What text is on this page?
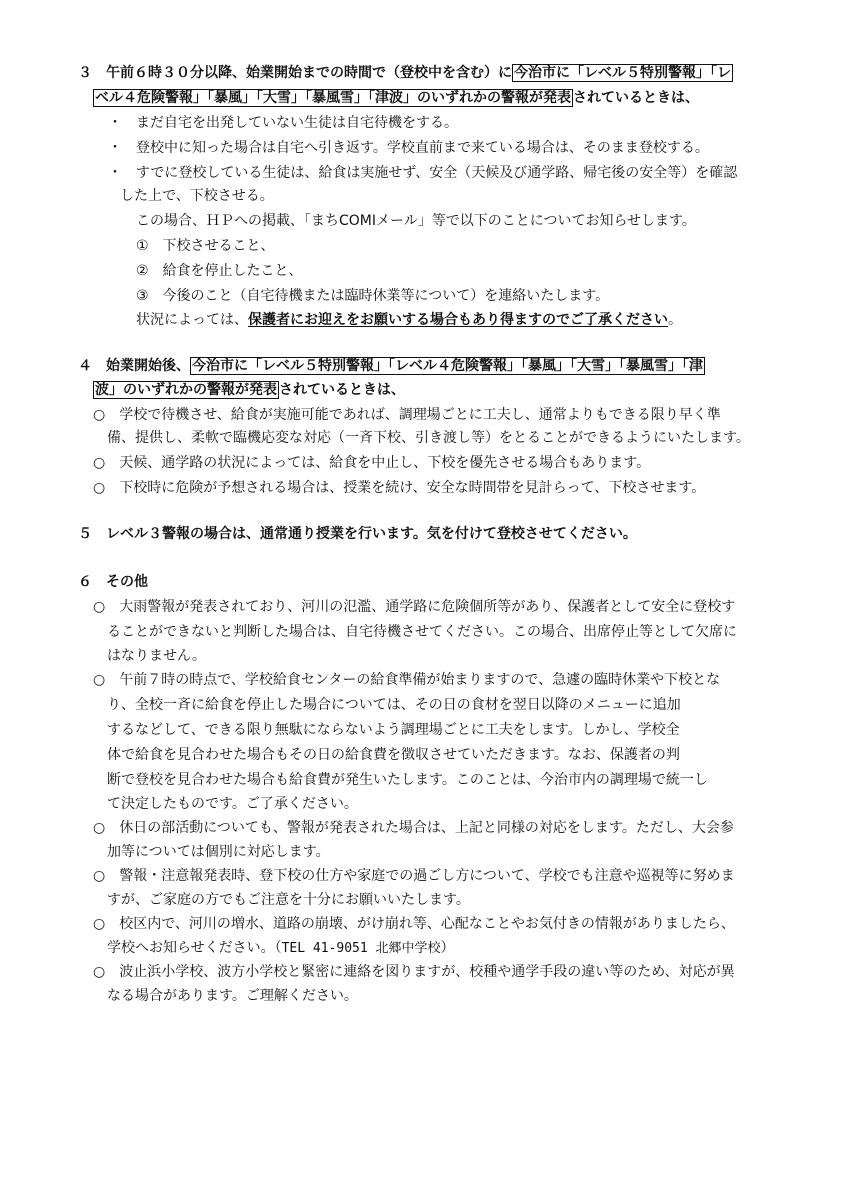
３　午前６時３０分以降、始業開始までの時間で（登校中を含む）に 今治市に「レベル５特別警報」「レ
ベル４危険警報」「暴風」「大雪」「暴風雪」「津波」のいずれかの警報が発表 されているときは、
・　まだ自宅を出発していない生徒は自宅待機をする。
・　登校中に知った場合は自宅へ引き返す。学校直前まで来ている場合は、そのまま登校する。
・　すでに登校している生徒は、給食は実施せず、安全（天候及び通学路、帰宅後の安全等）を確認
した上で、下校させる。
この場合、ＨＰへの掲載、「まちCOMIメール」等で以下のことについてお知らせします。
①　下校させること、
②　給食を停止したこと、
③　今後のこと（自宅待機または臨時休業等について）を連絡いたします。
状況によっては、保護者にお迎えをお願いする場合もあり得ますのでご了承ください。
４　始業開始後、 今治市に「レベル５特別警報」「レベル４危険警報」「暴風」「大雪」「暴風雪」「津
波」のいずれかの警報が発表 されているときは、
○　学校で待機させ、給食が実施可能であれば、調理場ごとに工夫し、通常よりもできる限り早く準
備、提供し、柔軟で臨機応変な対応（一斉下校、引き渡し等）をとることができるようにいたします。
○　天候、通学路の状況によっては、給食を中止し、下校を優先させる場合もあります。
○　下校時に危険が予想される場合は、授業を続け、安全な時間帯を見計らって、下校させます。
５　レベル３警報の場合は、通常通り授業を行います。気を付けて登校させてください。
６　その他
○　大雨警報が発表されており、河川の氾濫、通学路に危険個所等があり、保護者として安全に登校す
ることができないと判断した場合は、自宅待機させてください。この場合、出席停止等として欠席に
はなりません。
○　午前７時の時点で、学校給食センターの給食準備が始まりますので、急遽の臨時休業や下校とな
り、全校一斉に給食を停止した場合については、その日の食材を翌日以降のメニューに追加
するなどして、できる限り無駄にならないよう調理場ごとに工夫をします。しかし、学校全
体で給食を見合わせた場合もその日の給食費を徴収させていただきます。なお、保護者の判
断で登校を見合わせた場合も給食費が発生いたします。このことは、今治市内の調理場で統一し
て決定したものです。ご了承ください。
○　休日の部活動についても、警報が発表された場合は、上記と同様の対応をします。ただし、大会参
加等については個別に対応します。
○　警報・注意報発表時、登下校の仕方や家庭での過ごし方について、学校でも注意や巡視等に努めま
すが、ご家庭の方でもご注意を十分にお願いいたします。
○　校区内で、河川の増水、道路の崩壊、がけ崩れ等、心配なことやお気付きの情報がありましたら、
学校へお知らせください。（TEL 41-9051 北郷中学校）
○　波止浜小学校、波方小学校と緊密に連絡を図りますが、校種や通学手段の違い等のため、対応が異
なる場合があります。ご理解ください。
